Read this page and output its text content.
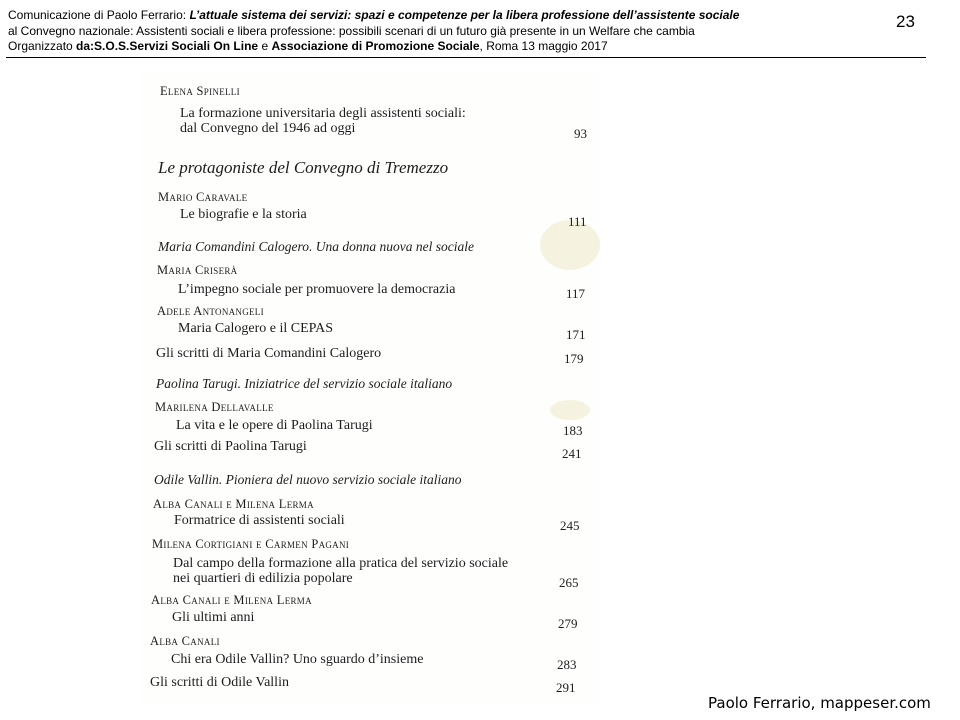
Comunicazione di Paolo Ferrario: L’attuale sistema dei servizi: spazi e competenze per la libera professione dell’assistente sociale
al Convegno nazionale: Assistenti sociali e libera professione: possibili scenari di un futuro già presente in un Welfare che cambia
Organizzato da:S.O.S.Servizi Sociali On Line e Associazione di Promozione Sociale, Roma 13 maggio 2017
23
Elena Spinelli
La formazione universitaria degli assistenti sociali:
dal Convegno del 1946 ad oggi	93
Le protagoniste del Convegno di Tremezzo
Mario Caravale
Le biografie e la storia	111
Maria Comandini Calogero. Una donna nuova nel sociale
Maria Criserà
L’impegno sociale per promuovere la democrazia	117
Adele Antonangeli
Maria Calogero e il CEPAS	171
Gli scritti di Maria Comandini Calogero	179
Paolina Tarugi. Iniziatrice del servizio sociale italiano
Marilena Dellavalle
La vita e le opere di Paolina Tarugi	183
Gli scritti di Paolina Tarugi	241
Odile Vallin. Pioniera del nuovo servizio sociale italiano
Alba Canali e Milena Lerma
Formatrice di assistenti sociali	245
Milena Cortigiani e Carmen Pagani
Dal campo della formazione alla pratica del servizio sociale
nei quartieri di edilizia popolare	265
Alba Canali e Milena Lerma
Gli ultimi anni	279
Alba Canali
Chi era Odile Vallin? Uno sguardo d’insieme	283
Gli scritti di Odile Vallin	291
Paolo Ferrario, mappeser.com
